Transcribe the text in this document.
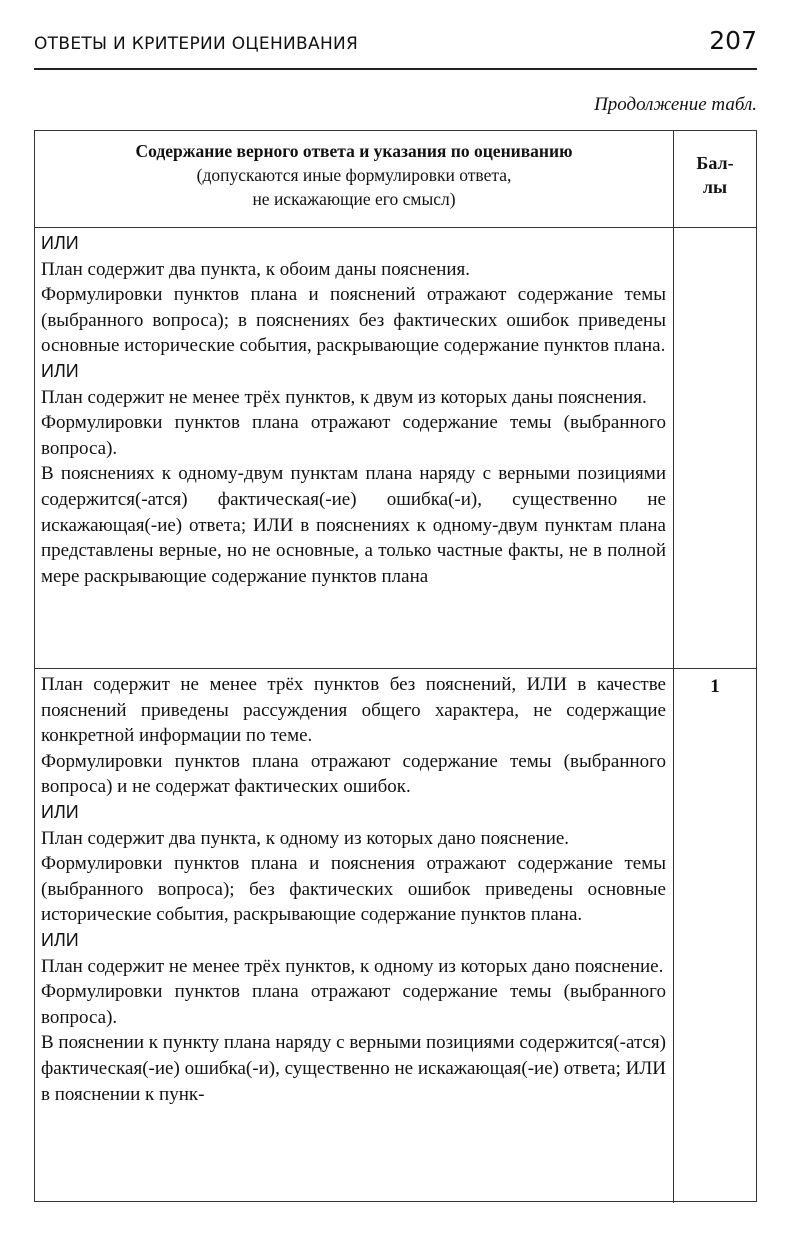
ОТВЕТЫ И КРИТЕРИИ ОЦЕНИВАНИЯ	207
Продолжение табл.
Содержание верного ответа и указания по оцениванию
(допускаются иные формулировки ответа,
не искажающие его смысл)
Бал-
лы

ИЛИ

План содержит два пункта, к обоим даны пояснения.

Формулировки пунктов плана и пояснений отражают содержание темы (выбранного вопроса); в пояснениях без фактических ошибок приведены основные исторические события, раскрывающие содержание пунктов плана.

ИЛИ

План содержит не менее трёх пунктов, к двум из которых даны пояснения.

Формулировки пунктов плана отражают содержание темы (выбранного вопроса).

В пояснениях к одному-двум пунктам плана наряду с верными позициями содержится(-атся) фактическая(-ие) ошибка(-и), существенно не искажающая(-ие) ответа; ИЛИ в пояснениях к одному-двум пунктам плана представлены верные, но не основные, а только частные факты, не в полной мере раскрывающие содержание пунктов плана

План содержит не менее трёх пунктов без пояснений, ИЛИ в качестве пояснений приведены рассуждения общего характера, не содержащие конкретной информации по теме.

Формулировки пунктов плана отражают содержание темы (выбранного вопроса) и не содержат фактических ошибок.

ИЛИ

План содержит два пункта, к одному из которых дано пояснение.

Формулировки пунктов плана и пояснения отражают содержание темы (выбранного вопроса); без фактических ошибок приведены основные исторические события, раскрывающие содержание пунктов плана.

ИЛИ

План содержит не менее трёх пунктов, к одному из которых дано пояснение.

Формулировки пунктов плана отражают содержание темы (выбранного вопроса).

В пояснении к пункту плана наряду с верными позициями содержится(-атся) фактическая(-ие) ошибка(-и), существенно не искажающая(-ие) ответа; ИЛИ в пояснении к пунк-

1
